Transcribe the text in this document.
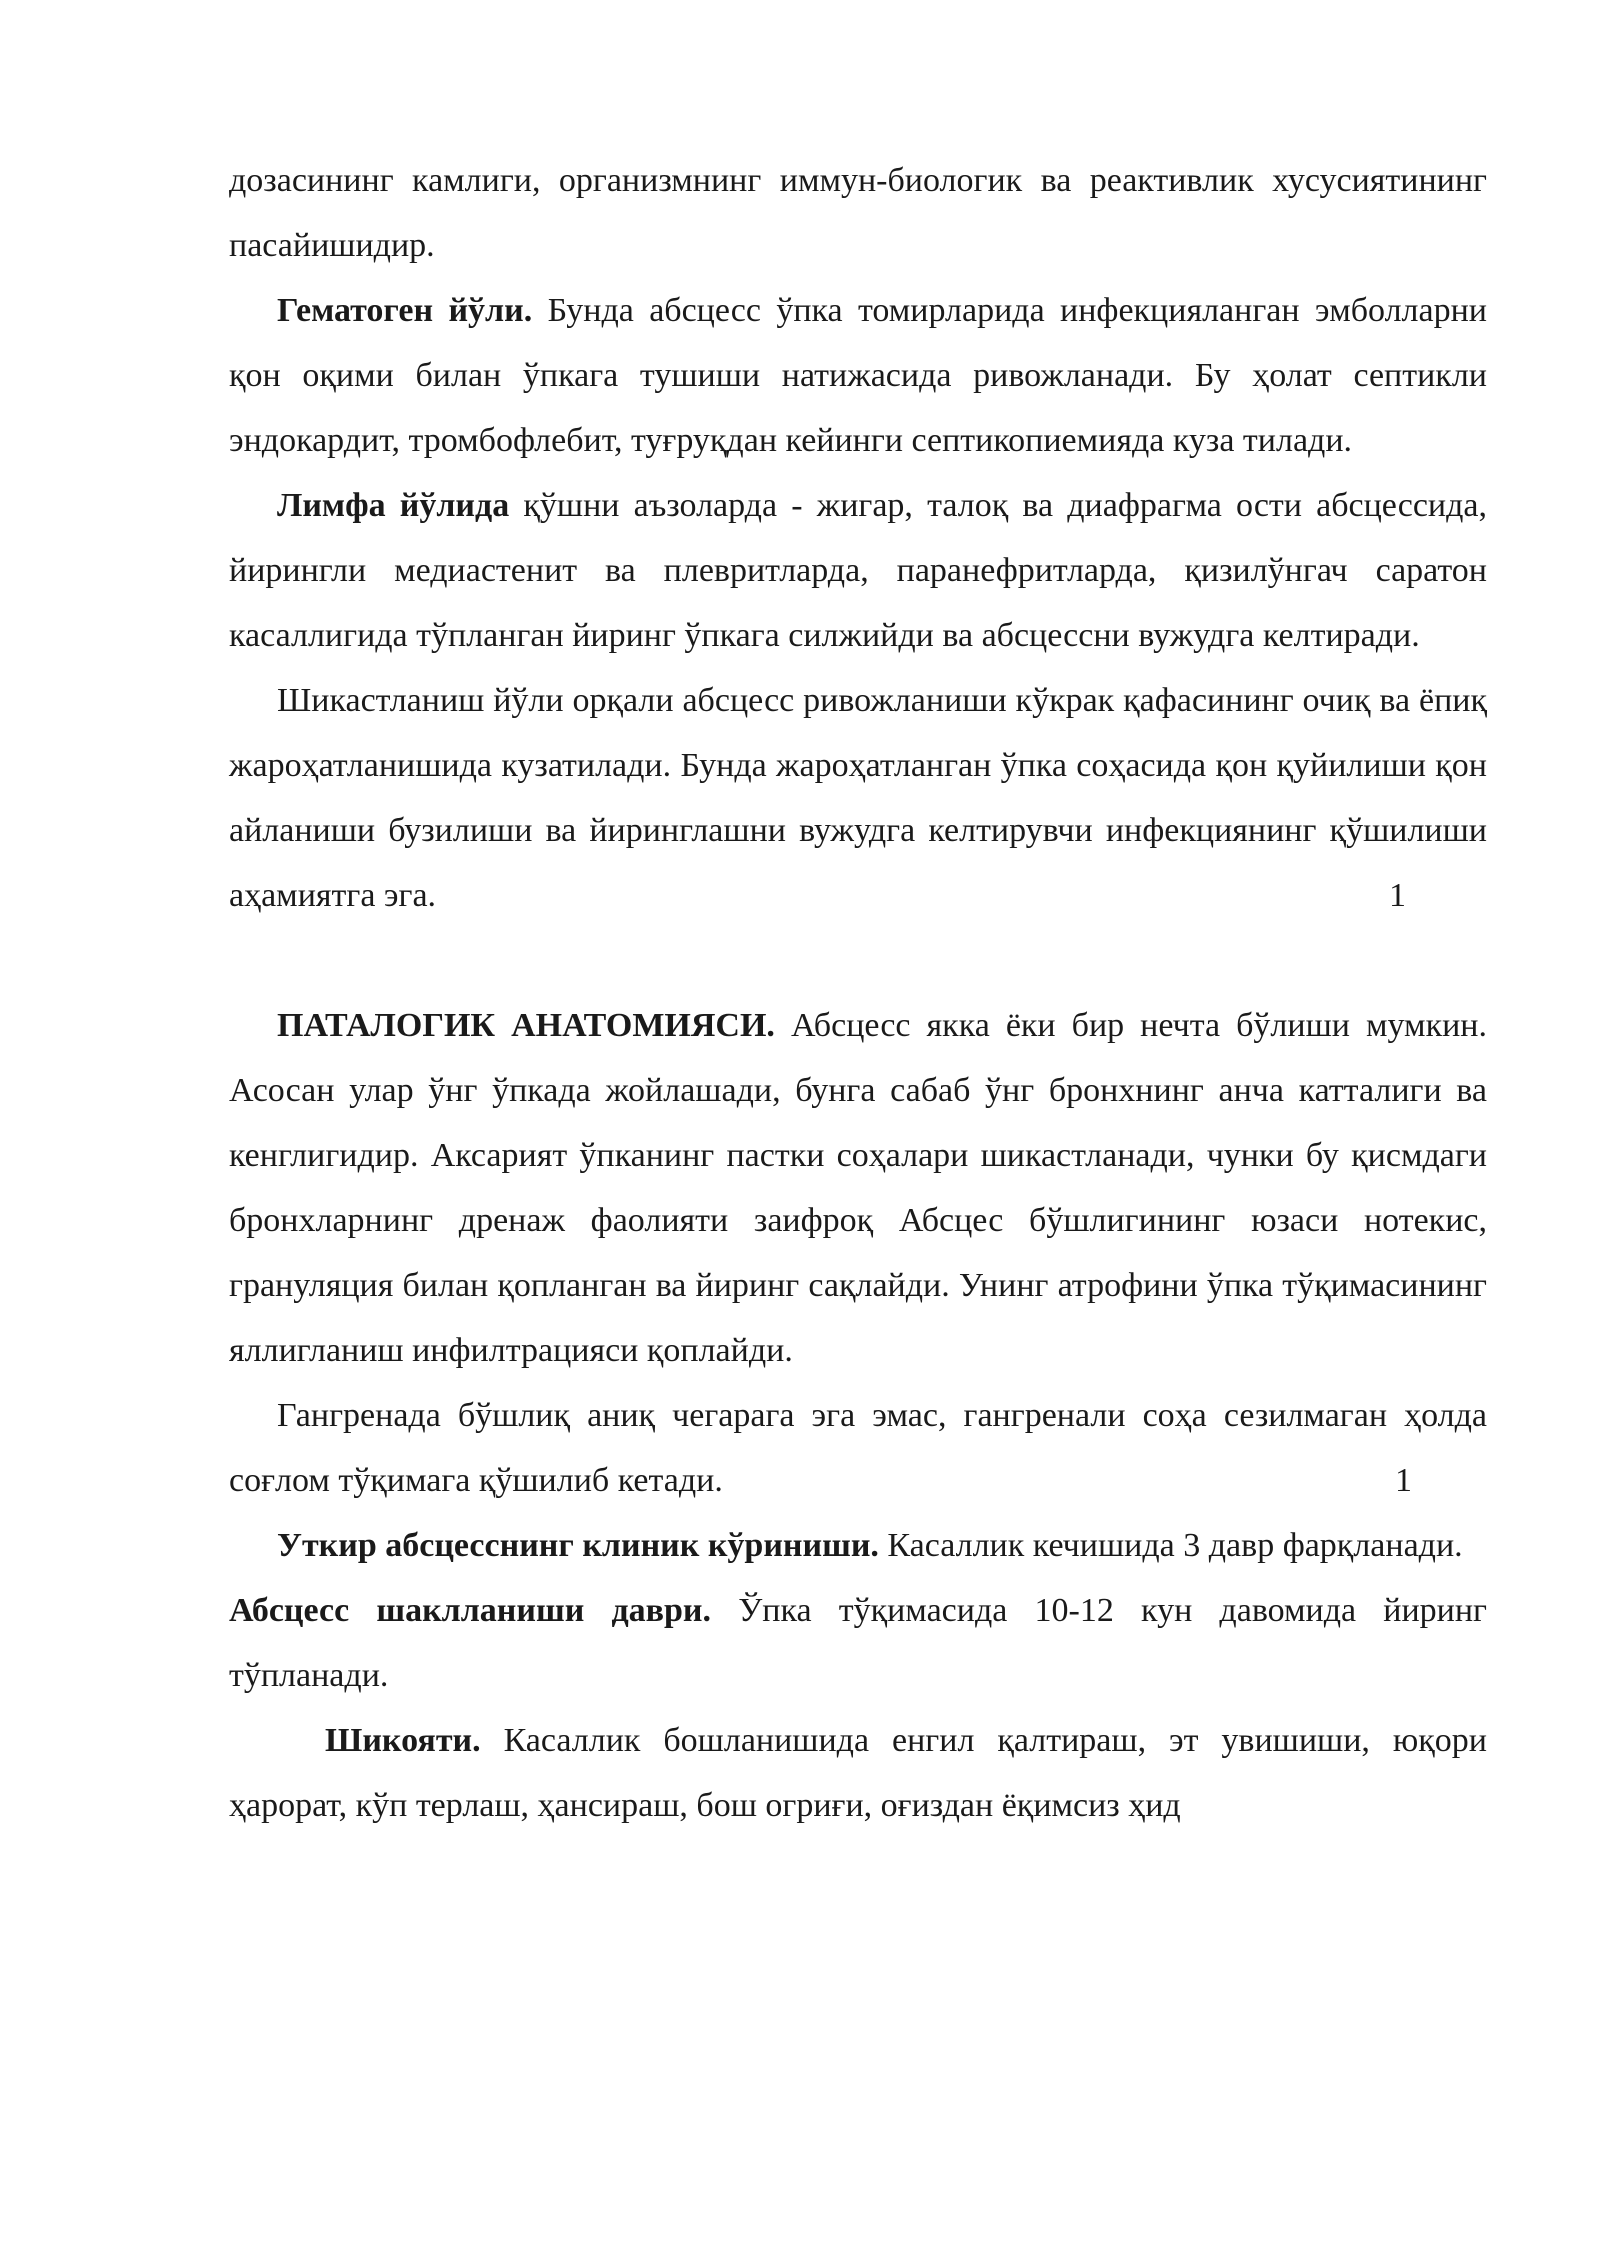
дозасининг камлиги, организмнинг иммун-биологик ва реактивлик хусусиятининг пасайишидир.

Гематоген йўли. Бунда абсцесс ўпка томирларида инфекцияланган эмболларни қон оқими билан ўпкага тушиши натижасида ривожланади. Бу ҳолат септикли эндокардит, тромбофлебит, туғруқдан кейинги септикопиемияда куза тилади.

Лимфа йўлида қўшни аъзоларда - жигар, талоқ ва диафрагма ости абсцессида, йирингли медиастенит ва плевритларда, паранефритларда, қизилўнгач саратон касаллигида тўпланган йиринг ўпкага силжийди ва абсцессни вужудга келтиради.

Шикастланиш йўли орқали абсцесс ривожланиши кўкрак қафасининг очиқ ва ёпиқ жароҳатланишида кузатилади. Бунда жароҳатланган ўпка соҳасида қон қуйилиши қон айланиши бузилиши ва йиринглашни вужудга келтирувчи инфекциянинг қўшилиши аҳамиятга эга.	1

ПАТАЛОГИК АНАТОМИЯСИ. Абсцесс якка ёки бир нечта бўлиши мумкин. Асосан улар ўнг ўпкада жойлашади, бунга сабаб ўнг бронхнинг анча катталиги ва кенглигидир. Аксарият ўпканинг пастки соҳалари шикастланади, чунки бу қисмдаги бронхларнинг дренаж фаолияти заифроқ Абсцес бўшлигининг юзаси нотекис, грануляция билан қопланган ва йиринг сақлайди. Унинг атрофини ўпка тўқимасининг яллигланиш инфилтрацияси қоплайди.

Гангренада бўшлиқ аниқ чегарага эга эмас, гангренали соҳа сезилмаган ҳолда соғлом тўқимага қўшилиб кетади.	1

Уткир абсцесснинг клиник кўриниши. Касаллик кечишида 3 давр фарқланади.

Абсцесс шаклланиши даври. Ўпка тўқимасида 10-12 кун давомида йиринг тўпланади.

Шикояти. Касаллик бошланишида енгил қалтираш, эт увишиши, юқори ҳарорат, кўп терлаш, ҳансираш, бош огриғи, оғиздан ёқимсиз ҳид
